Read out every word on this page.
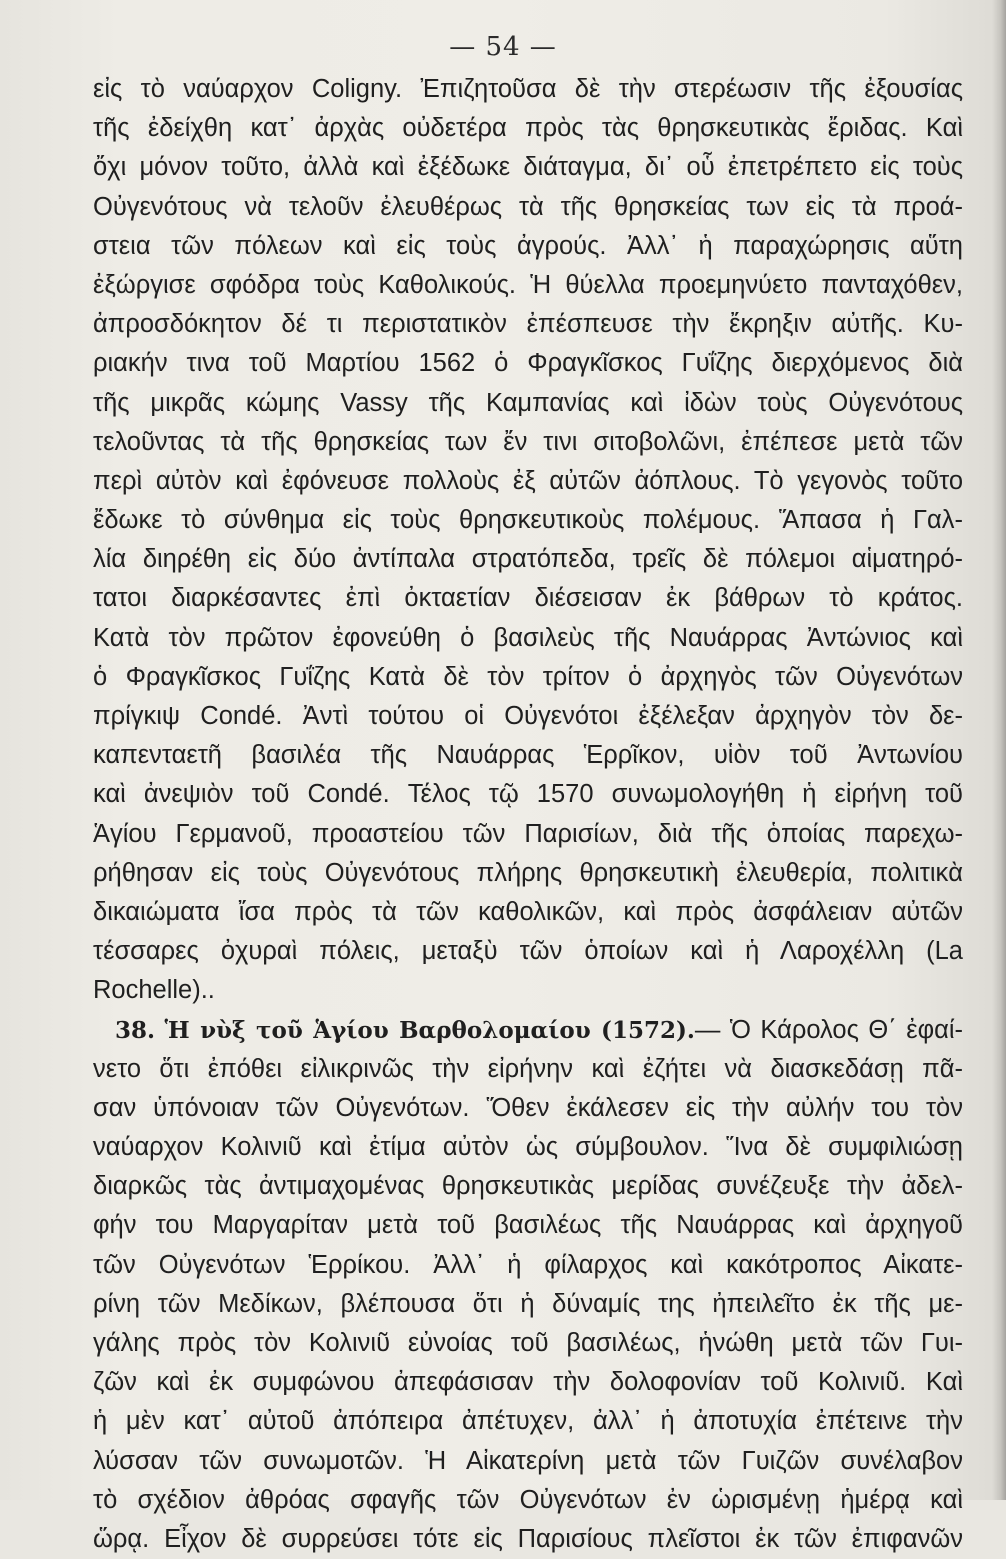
— 54 —
εἰς τὸ ναύαρχον Coligny. Ἐπιζητοῦσα δὲ τὴν στερέωσιν τῆς ἐξουσίας
τῆς ἐδείχθη κατ᾽ ἀρχὰς οὐδετέρα πρὸς τὰς θρησκευτικὰς ἔριδας. Καὶ
ὄχι μόνον τοῦτο, ἀλλὰ καὶ ἐξέδωκε διάταγμα, δι᾽ οὗ ἐπετρέπετο εἰς τοὺς
Οὐγενότους νὰ τελοῦν ἐλευθέρως τὰ τῆς θρησκείας των εἰς τὰ προά-
στεια τῶν πόλεων καὶ εἰς τοὺς ἀγρούς. Ἀλλ᾽ ἡ παραχώρησις αὕτη
ἐξώργισε σφόδρα τοὺς Καθολικούς. Ἡ θύελλα προεμηνύετο πανταχόθεν,
ἀπροσδόκητον δέ τι περιστατικὸν ἐπέσπευσε τὴν ἔκρηξιν αὐτῆς. Κυ-
ριακήν τινα τοῦ Μαρτίου 1562 ὁ Φραγκῖσκος Γυΐζης διερχόμενος διὰ
τῆς μικρᾶς κώμης Vassy τῆς Καμπανίας καὶ ἰδὼν τοὺς Οὐγενότους
τελοῦντας τὰ τῆς θρησκείας των ἔν τινι σιτοβολῶνι, ἐπέπεσε μετὰ τῶν
περὶ αὐτὸν καὶ ἐφόνευσε πολλοὺς ἐξ αὐτῶν ἀόπλους. Τὸ γεγονὸς τοῦτο
ἔδωκε τὸ σύνθημα εἰς τοὺς θρησκευτικοὺς πολέμους. Ἅπασα ἡ Γαλ-
λία διηρέθη εἰς δύο ἀντίπαλα στρατόπεδα, τρεῖς δὲ πόλεμοι αἱματηρό-
τατοι διαρκέσαντες ἐπὶ ὀκταετίαν διέσεισαν ἐκ βάθρων τὸ κράτος.
Κατὰ τὸν πρῶτον ἐφονεύθη ὁ βασιλεὺς τῆς Ναυάρρας Ἀντώνιος καὶ
ὁ Φραγκῖσκος Γυΐζης Κατὰ δὲ τὸν τρίτον ὁ ἀρχηγὸς τῶν Οὐγενότων
πρίγκιψ Condé. Ἀντὶ τούτου οἱ Οὐγενότοι ἐξέλεξαν ἀρχηγὸν τὸν δε-
καπενταετῆ βασιλέα τῆς Ναυάρρας Ἑρρῖκον, υἱὸν τοῦ Ἀντωνίου
καὶ ἀνεψιὸν τοῦ Condé. Τέλος τῷ 1570 συνωμολογήθη ἡ εἰρήνη τοῦ
Ἁγίου Γερμανοῦ, προαστείου τῶν Παρισίων, διὰ τῆς ὁποίας παρεχω-
ρήθησαν εἰς τοὺς Οὐγενότους πλήρης θρησκευτικὴ ἐλευθερία, πολιτικὰ
δικαιώματα ἴσα πρὸς τὰ τῶν καθολικῶν, καὶ πρὸς ἀσφάλειαν αὐτῶν
τέσσαρες ὀχυραὶ πόλεις, μεταξὺ τῶν ὁποίων καὶ ἡ Λαροχέλλη (La
Rochelle)..
38. Ἡ νὺξ τοῦ Ἁγίου Βαρθολομαίου (1572).— Ὁ Κάρολος Θ΄ ἐφαί-
νετο ὅτι ἐπόθει εἰλικρινῶς τὴν εἰρήνην καὶ ἐζήτει νὰ διασκεδάσῃ πᾶ-
σαν ὑπόνοιαν τῶν Οὐγενότων. Ὅθεν ἐκάλεσεν εἰς τὴν αὐλήν του τὸν
ναύαρχον Κολινιῦ καὶ ἐτίμα αὐτὸν ὡς σύμβουλον. Ἵνα δὲ συμφιλιώσῃ
διαρκῶς τὰς ἀντιμαχομένας θρησκευτικὰς μερίδας συνέζευξε τὴν ἀδελ-
φήν του Μαργαρίταν μετὰ τοῦ βασιλέως τῆς Ναυάρρας καὶ ἀρχηγοῦ
τῶν Οὐγενότων Ἑρρίκου. Ἀλλ᾽ ἡ φίλαρχος καὶ κακότροπος Αἰκατε-
ρίνη τῶν Μεδίκων, βλέπουσα ὅτι ἡ δύναμίς της ἠπειλεῖτο ἐκ τῆς με-
γάλης πρὸς τὸν Κολινιῦ εὐνοίας τοῦ βασιλέως, ἡνώθη μετὰ τῶν Γυι-
ζῶν καὶ ἐκ συμφώνου ἀπεφάσισαν τὴν δολοφονίαν τοῦ Κολινιῦ. Καὶ
ἡ μὲν κατ᾽ αὐτοῦ ἀπόπειρα ἀπέτυχεν, ἀλλ᾽ ἡ ἀποτυχία ἐπέτεινε τὴν
λύσσαν τῶν συνωμοτῶν. Ἡ Αἰκατερίνη μετὰ τῶν Γυιζῶν συνέλαβον
τὸ σχέδιον ἀθρόας σφαγῆς τῶν Οὐγενότων ἐν ὡρισμένῃ ἡμέρᾳ καὶ
ὥρᾳ. Εἶχον δὲ συρρεύσει τότε εἰς Παρισίους πλεῖστοι ἐκ τῶν ἐπιφανῶν
